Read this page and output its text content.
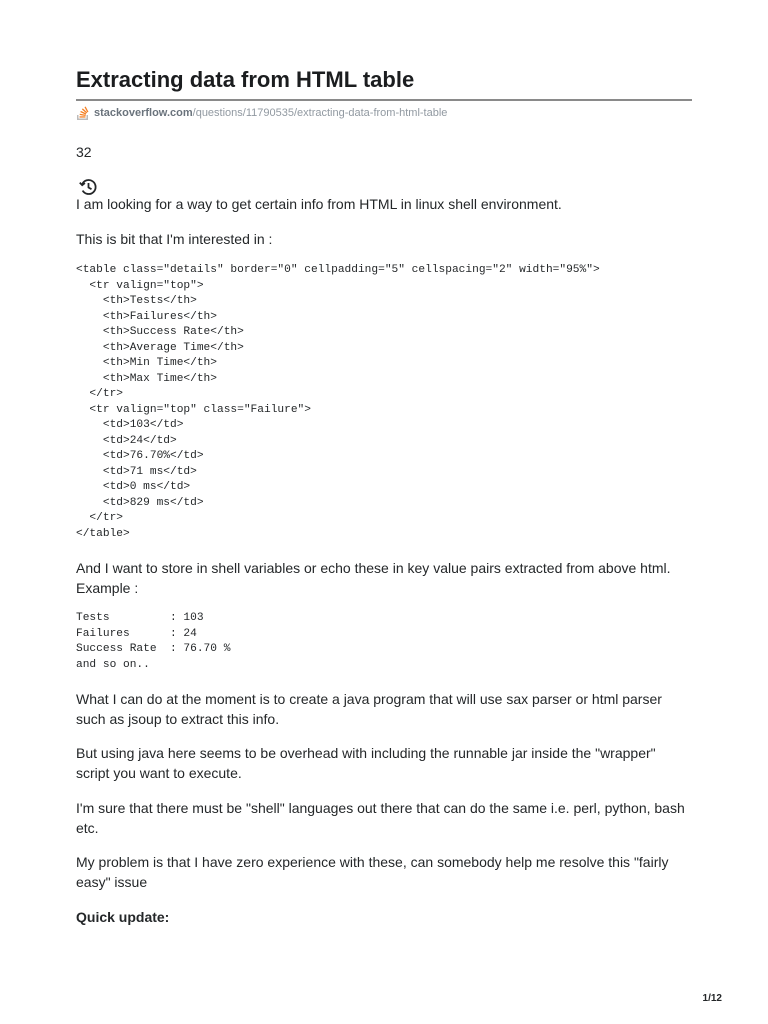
Extracting data from HTML table
stackoverflow.com /questions/11790535/extracting-data-from-html-table
32

I am looking for a way to get certain info from HTML in linux shell environment.

This is bit that I'm interested in :

<table class="details" border="0" cellpadding="5" cellspacing="2" width="95%">
<tr valign="top">
<th>Tests</th>
<th>Failures</th>
<th>Success Rate</th>
<th>Average Time</th>
<th>Min Time</th>
<th>Max Time</th>
</tr>
<tr valign="top" class="Failure">
<td>103</td>
<td>24</td>
<td>76.70%</td>
<td>71 ms</td>
<td>0 ms</td>
<td>829 ms</td>
</tr>
</table>

And I want to store in shell variables or echo these in key value pairs extracted from above html. Example :

Tests         : 103
Failures      : 24
Success Rate  : 76.70 %
and so on..

What I can do at the moment is to create a java program that will use sax parser or html parser such as jsoup to extract this info.

But using java here seems to be overhead with including the runnable jar inside the "wrapper" script you want to execute.

I'm sure that there must be "shell" languages out there that can do the same i.e. perl, python, bash etc.

My problem is that I have zero experience with these, can somebody help me resolve this "fairly easy" issue

Quick update:

1/12
